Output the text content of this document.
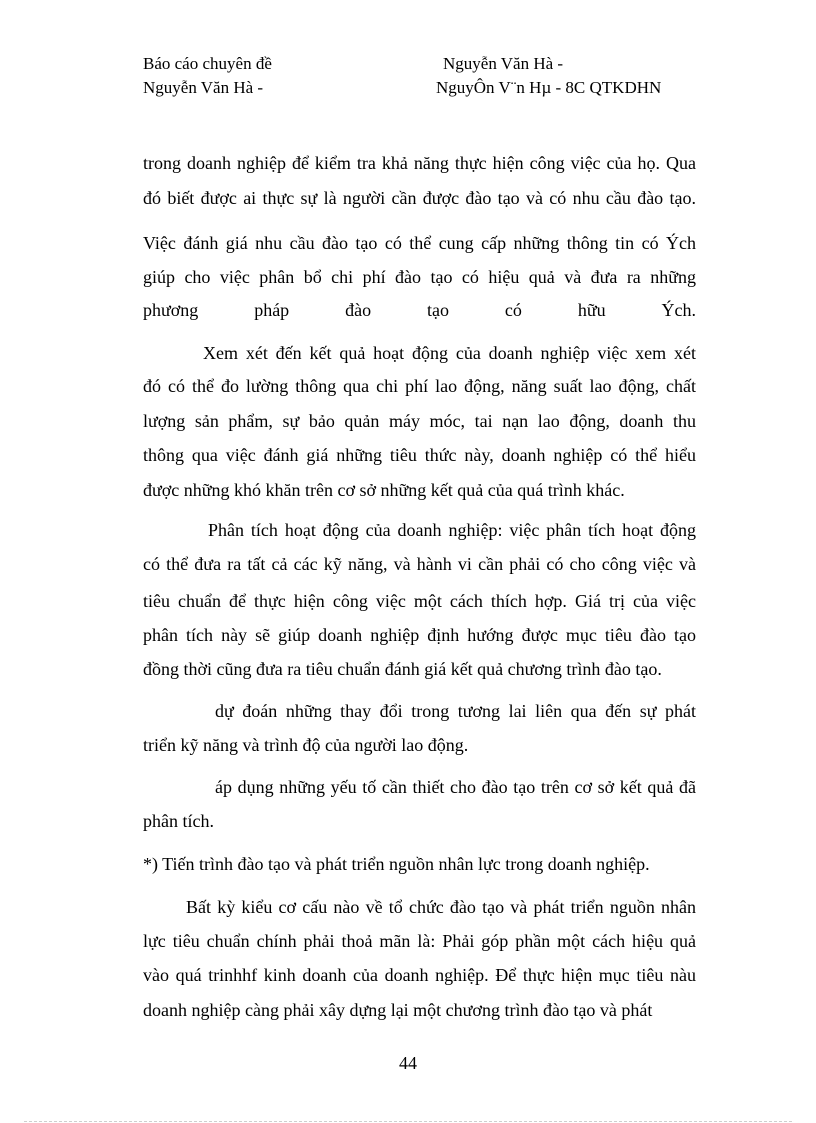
Báo cáo chuyên đề	Nguyễn Văn Hà -
Nguyễn Văn Hà -	NguyÔn V¨n Hµ - 8C QTKDHN
trong doanh nghiệp để kiểm tra khả năng thực hiện công việc của họ. Qua
đó biết được ai thực sự là người cần được đào tạo và có nhu cầu đào tạo.
Việc đánh giá nhu cầu đào tạo có thể cung cấp những thông tin có Ých
giúp cho việc phân bổ chi phí đào tạo có hiệu quả và đưa ra những
phương pháp đào tạo có hữu Ých.
Xem xét đến kết quả hoạt động của doanh nghiệp việc xem xét
đó có thể đo lường thông qua chi phí lao động, năng suất lao động, chất
lượng sản phẩm, sự bảo quản máy móc, tai nạn lao động, doanh thu
thông qua việc đánh giá những tiêu thức này, doanh nghiệp có thể hiểu
được những khó khăn trên cơ sở những kết quả của quá trình khác.
Phân tích hoạt động của doanh nghiệp: việc phân tích hoạt động
có thể đưa ra tất cả các kỹ năng, và hành vi cần phải có cho công việc và
tiêu chuẩn để thực hiện công việc một cách thích hợp. Giá trị của việc
phân tích này sẽ giúp doanh nghiệp định hướng được mục tiêu đào tạo
đồng thời cũng đưa ra tiêu chuẩn đánh giá kết quả chương trình đào tạo.
dự đoán những thay đổi trong tương lai liên qua đến sự phát
triển kỹ năng và trình độ của người lao động.
áp dụng những yếu tố cần thiết cho đào tạo trên cơ sở kết quả đã
phân tích.
*) Tiến trình đào tạo và phát triển nguồn nhân lực trong doanh nghiệp.
Bất kỳ kiểu cơ cấu nào về tổ chức đào tạo và phát triển nguồn nhân
lực tiêu chuẩn chính phải thoả mãn là: Phải góp phần một cách hiệu quả
vào quá trinhhf kinh doanh của doanh nghiệp. Để thực hiện mục tiêu nàu
doanh nghiệp càng phải xây dựng lại một chương trình đào tạo và phát
44
